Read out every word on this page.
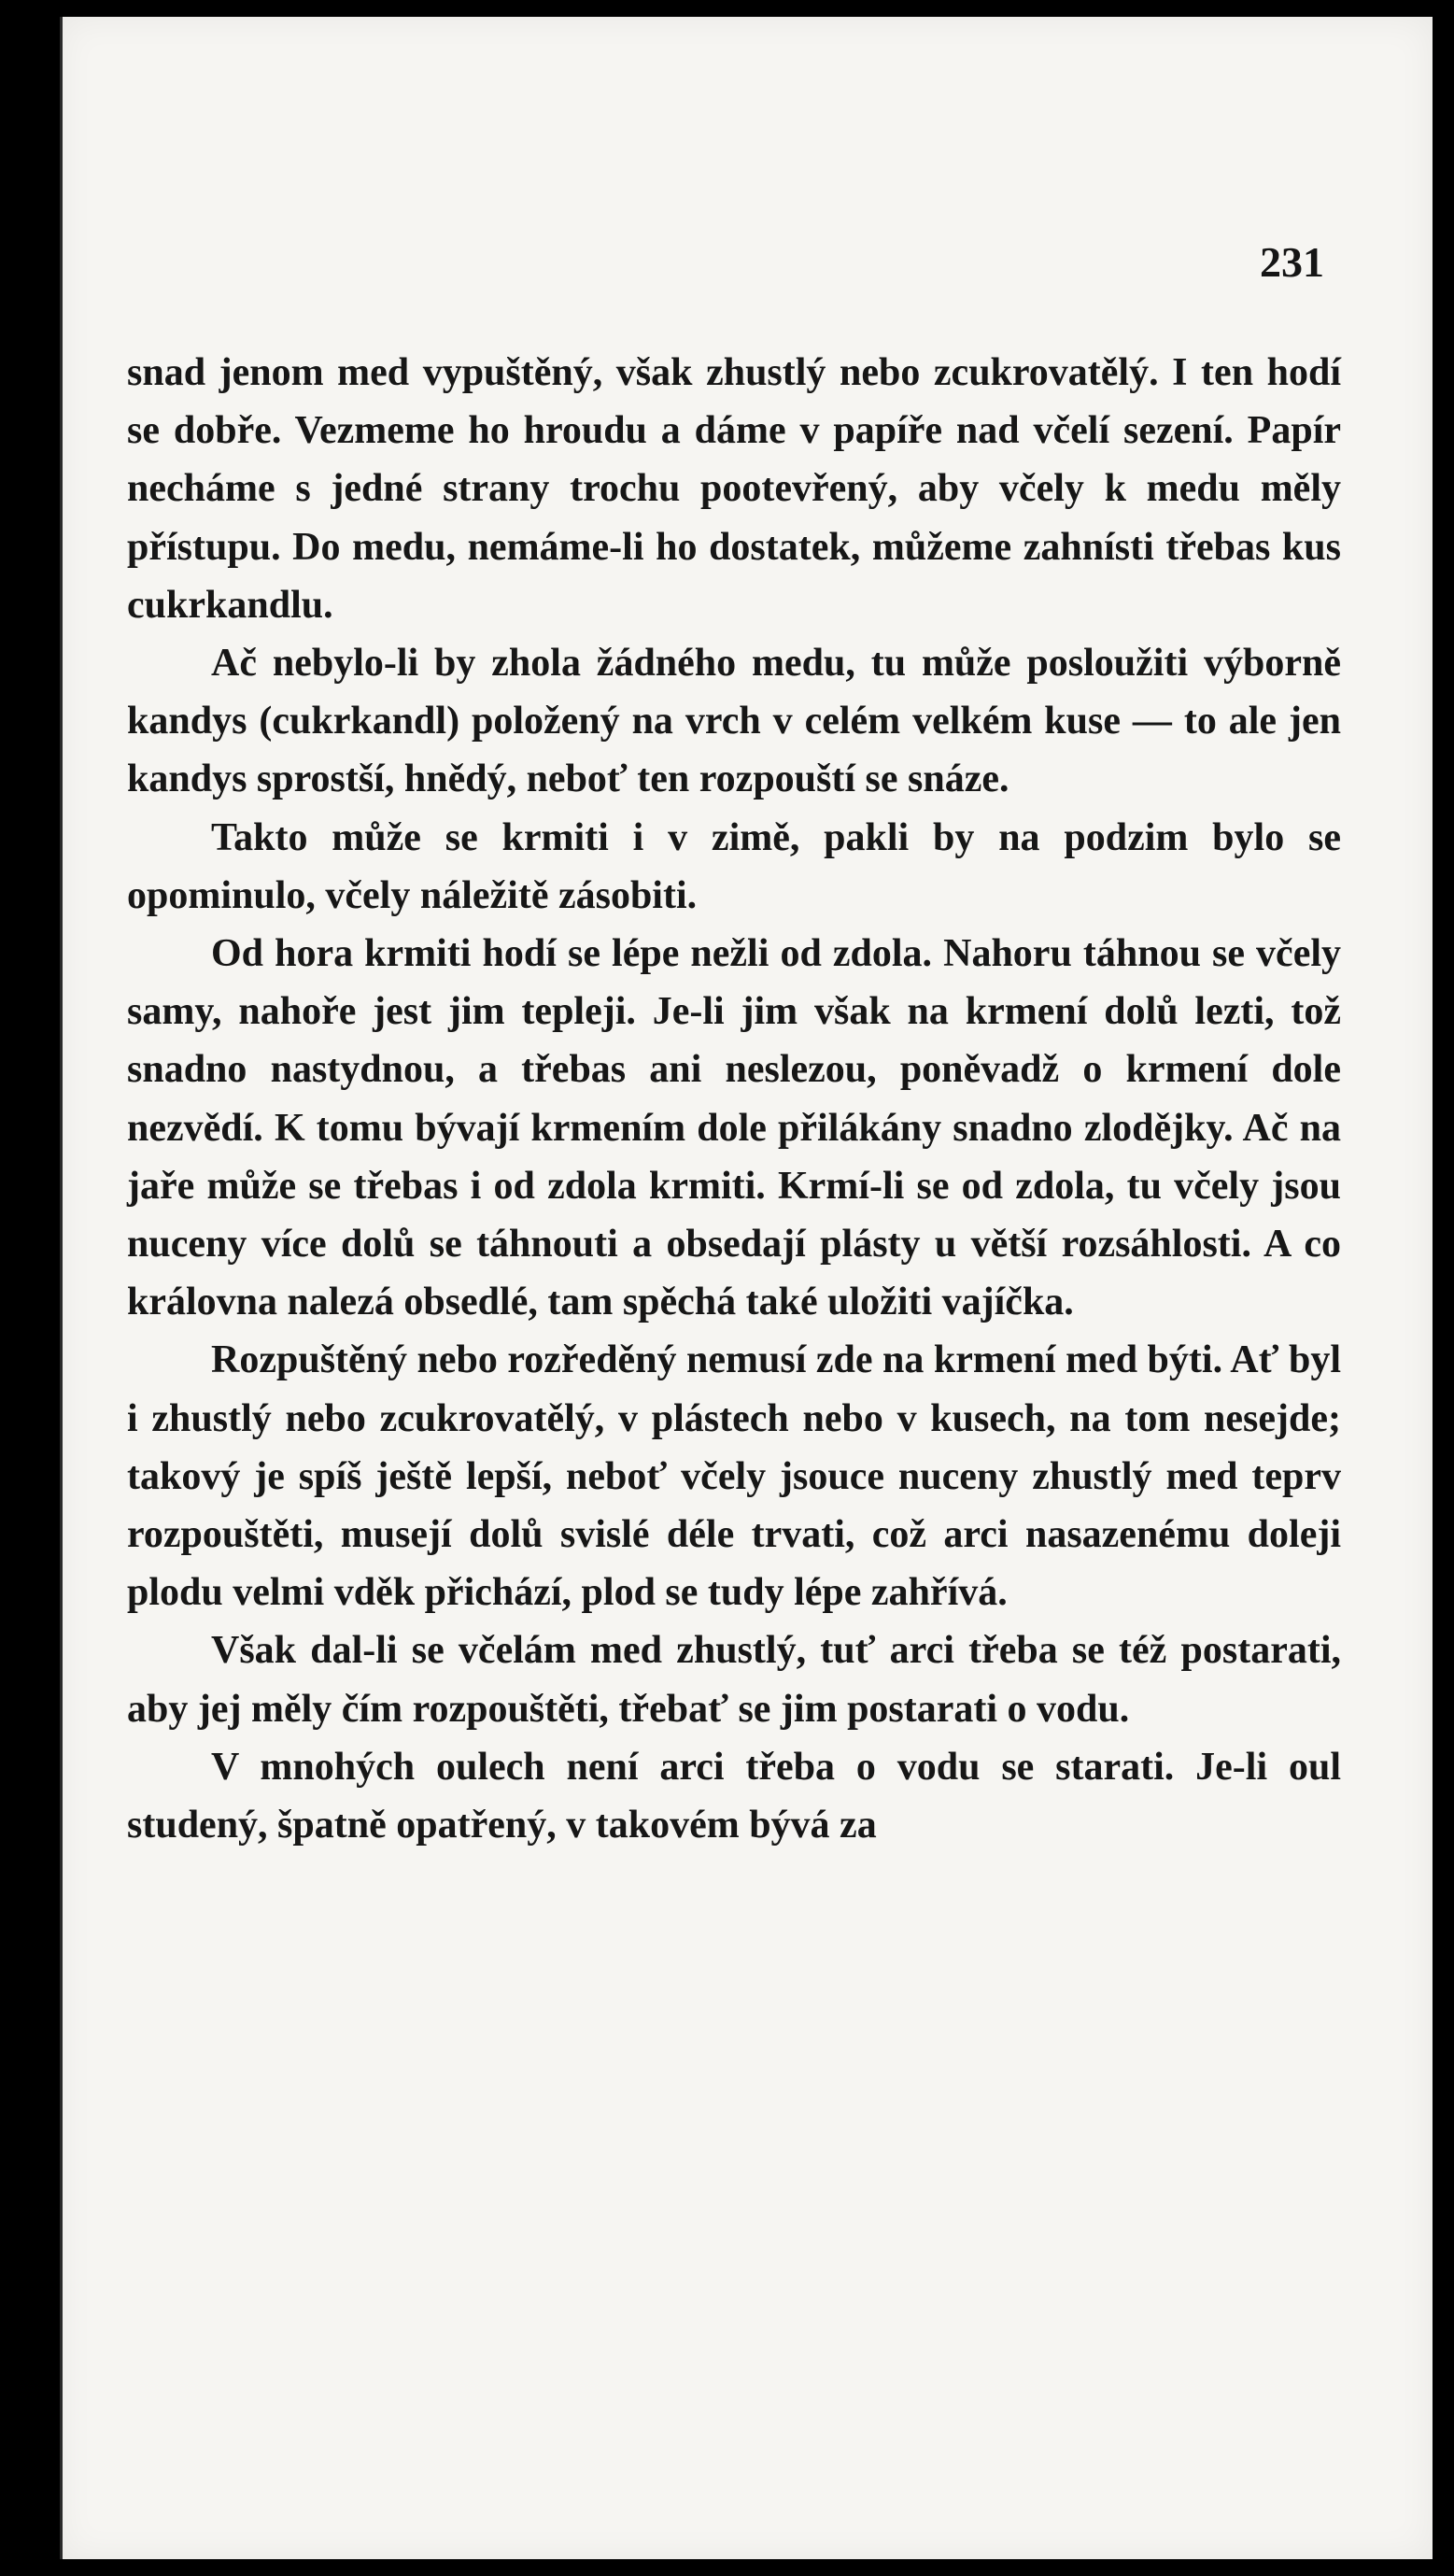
231

snad jenom med vypuštěný, však zhustlý nebo zcukrovatělý. I ten hodí se dobře. Vezmeme ho hroudu a dáme v papíře nad včelí sezení. Papír necháme s jedné strany trochu pootevřený, aby včely k medu měly přístupu. Do medu, nemáme-li ho dostatek, můžeme zahnísti třebas kus cukrkandlu.

Ač nebylo-li by zhola žádného medu, tu může posloužiti výborně kandys (cukrkandl) položený na vrch v celém velkém kuse — to ale jen kandys sprostší, hnědý, neboť ten rozpouští se snáze.

Takto může se krmiti i v zimě, pakli by na podzim bylo se opominulo, včely náležitě zásobiti.

Od hora krmiti hodí se lépe nežli od zdola. Nahoru táhnou se včely samy, nahoře jest jim tepleji. Je-li jim však na krmení dolů lezti, tož snadno nastydnou, a třebas ani neslezou, poněvadž o krmení dole nezvědí. K tomu bývají krmením dole přilákány snadno zlodějky. Ač na jaře může se třebas i od zdola krmiti. Krmí-li se od zdola, tu včely jsou nuceny více dolů se táhnouti a obsedají plásty u větší rozsáhlosti. A co královna nalezá obsedlé, tam spěchá také uložiti vajíčka.

Rozpuštěný nebo rozředěný nemusí zde na krmení med býti. Ať byl i zhustlý nebo zcukrovatělý, v plástech nebo v kusech, na tom nesejde; takový je spíš ještě lepší, neboť včely jsouce nuceny zhustlý med teprv rozpouštěti, musejí dolů svislé déle trvati, což arci nasazenému doleji plodu velmi vděk přichází, plod se tudy lépe zahřívá.

Však dal-li se včelám med zhustlý, tuť arci třeba se též postarati, aby jej měly čím rozpouštěti, třebať se jim postarati o vodu.

V mnohých oulech není arci třeba o vodu se starati. Je-li oul studený, špatně opatřený, v takovém bývá za
